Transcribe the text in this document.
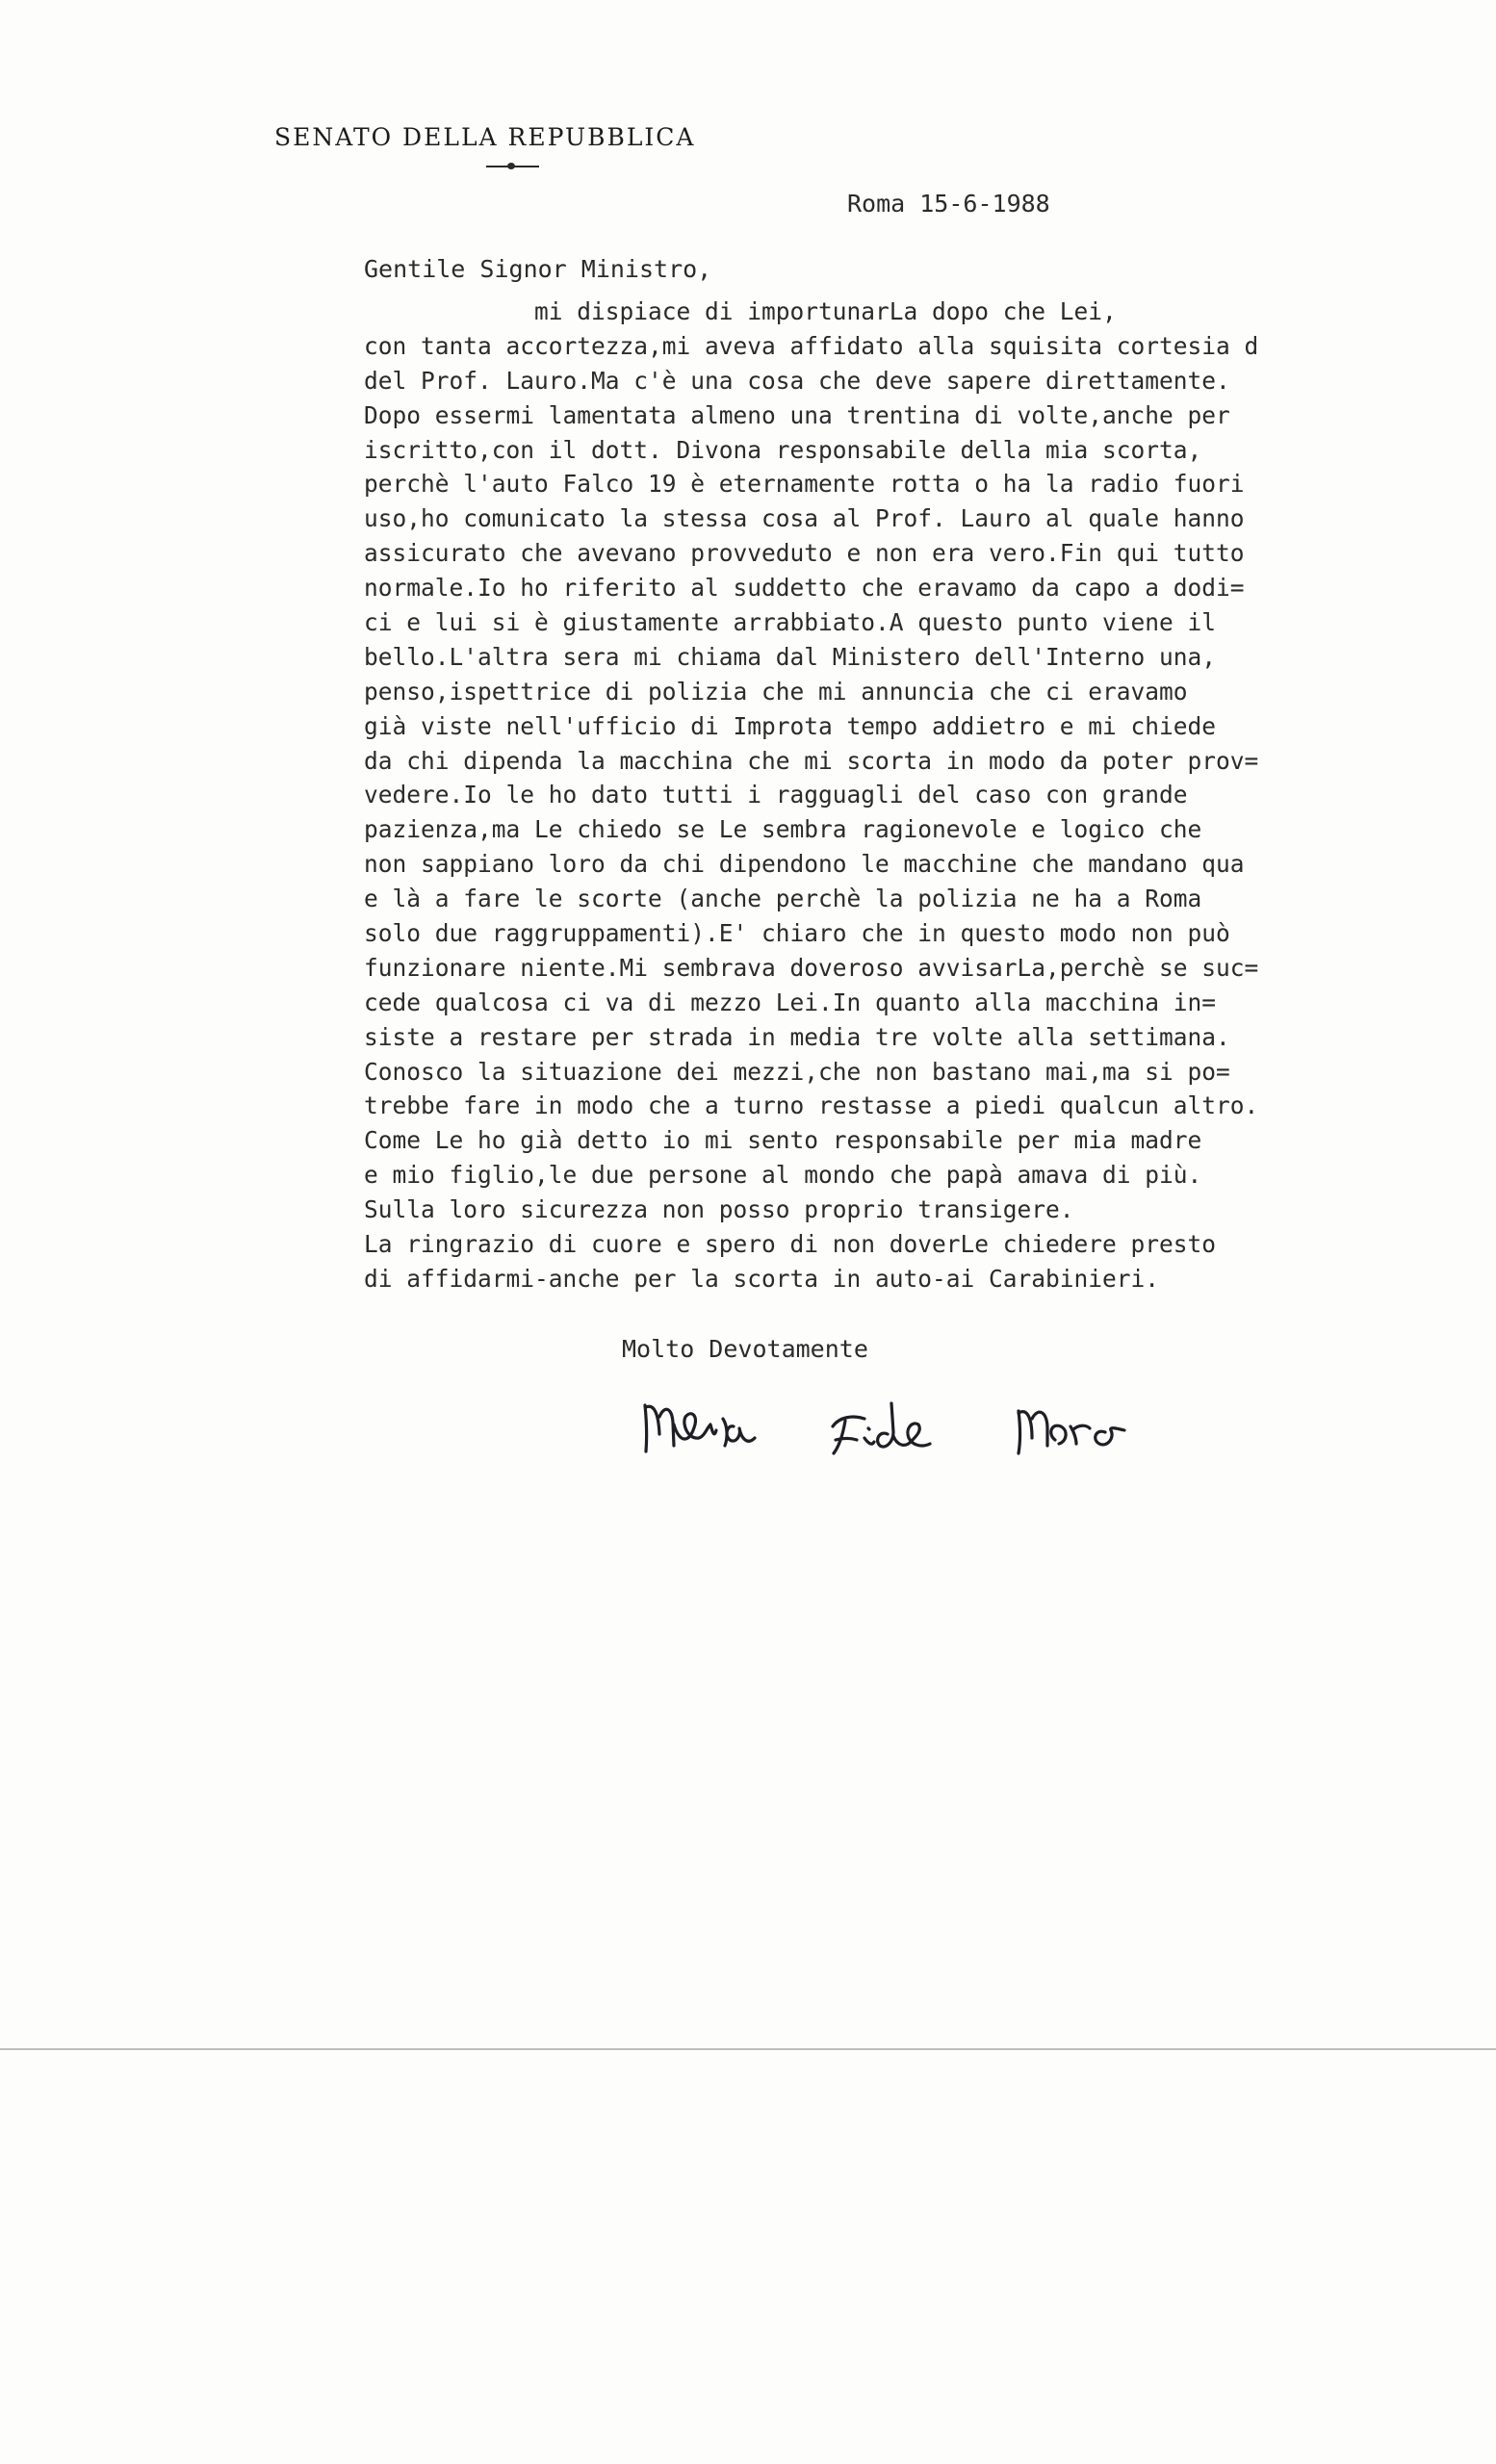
SENATO DELLA REPUBBLICA
Roma 15-6-1988
Gentile Signor Ministro,
mi dispiace di importunarLa dopo che Lei,
con tanta accortezza,mi aveva affidato alla squisita cortesia d
del Prof. Lauro.Ma c'è una cosa che deve sapere direttamente.
Dopo essermi lamentata almeno una trentina di volte,anche per
iscritto,con il dott. Divona responsabile della mia scorta,
perchè l'auto Falco 19 è eternamente rotta o ha la radio fuori
uso,ho comunicato la stessa cosa al Prof. Lauro al quale hanno
assicurato che avevano provveduto e non era vero.Fin qui tutto
normale.Io ho riferito al suddetto che eravamo da capo a dodi=
ci e lui si è giustamente arrabbiato.A questo punto viene il
bello.L'altra sera mi chiama dal Ministero dell'Interno una,
penso,ispettrice di polizia che mi annuncia che ci eravamo
già viste nell'ufficio di Improta tempo addietro e mi chiede
da chi dipenda la macchina che mi scorta in modo da poter prov=
vedere.Io le ho dato tutti i ragguagli del caso con grande
pazienza,ma Le chiedo se Le sembra ragionevole e logico che
non sappiano loro da chi dipendono le macchine che mandano qua
e là a fare le scorte (anche perchè la polizia ne ha a Roma
solo due raggruppamenti).E' chiaro che in questo modo non può
funzionare niente.Mi sembrava doveroso avvisarLa,perchè se suc=
cede qualcosa ci va di mezzo Lei.In quanto alla macchina in=
siste a restare per strada in media tre volte alla settimana.
Conosco la situazione dei mezzi,che non bastano mai,ma si po=
trebbe fare in modo che a turno restasse a piedi qualcun altro.
Come Le ho già detto io mi sento responsabile per mia madre
e mio figlio,le due persone al mondo che papà amava di più.
Sulla loro sicurezza non posso proprio transigere.
La ringrazio di cuore e spero di non doverLe chiedere presto
di affidarmi-anche per la scorta in auto-ai Carabinieri.
Molto Devotamente
